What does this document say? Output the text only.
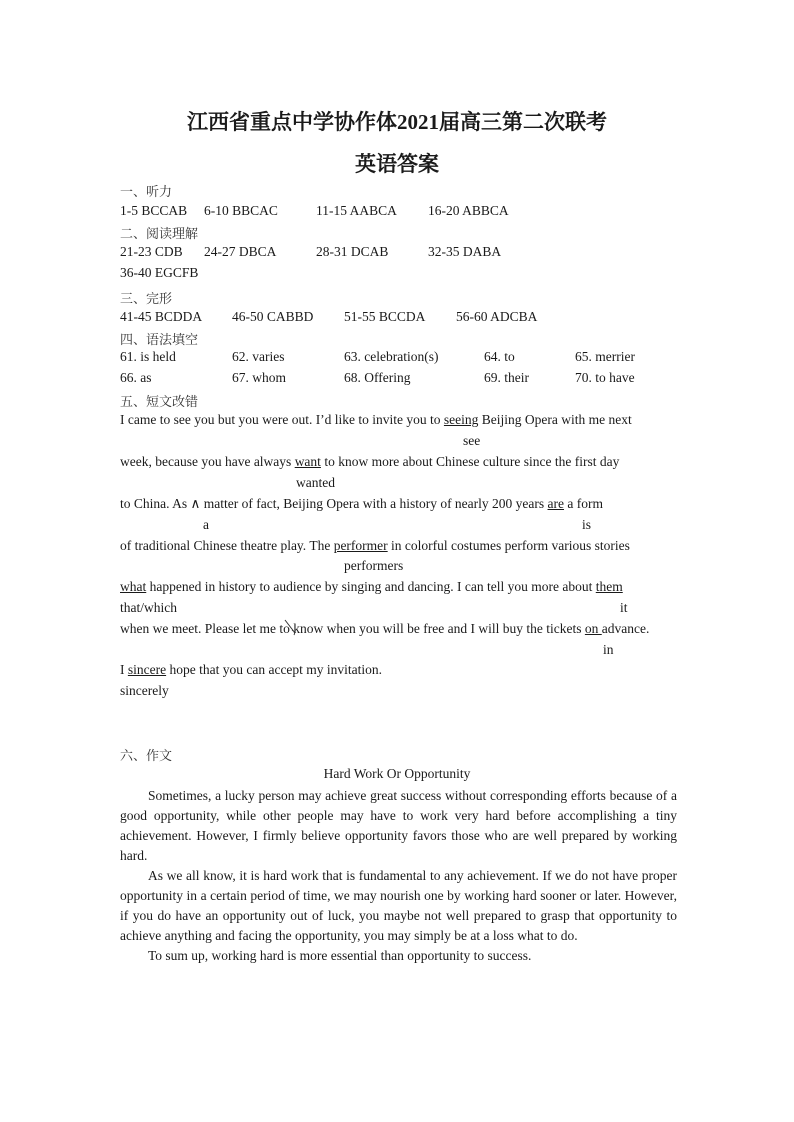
江西省重点中学协作体2021届高三第二次联考
英语答案
一、听力
1-5 BCCAB 6-10 BBCAC	11-15 AABCA 16-20 ABBCA
二、阅读理解
21-23 CDB 24-27 DBCA	28-31 DCAB	32-35 DABA
36-40 EGCFB
三、完形
41-45 BCDDA 46-50 CABBD 51-55 BCCDA 56-60 ADCBA
四、语法填空
61. is held	62. varies	63. celebration(s)	64. to	65. merrier
66. as	67. whom	68. Offering	69. their	70. to have
五、短文改错
I came to see you but you were out. I’d like to invite you to seeing Beijing Opera with me next
see
week, because you have always want to know more about Chinese culture since the first day
wanted
to China. As ∧ matter of fact, Beijing Opera with a history of nearly 200 years are a form
a	is
of traditional Chinese theatre play. The performer in colorful costumes perform various stories
performers
what happened in history to audience by singing and dancing. I can tell you more about them
that/which	it
when we meet. Please let me to know when you will be free and I will buy the tickets on advance.
in
I sincere hope that you can accept my invitation.
sincerely
六、作文
Hard Work Or Opportunity

Sometimes, a lucky person may achieve great success without corresponding efforts because of a good opportunity, while other people may have to work very hard before accomplishing a tiny achievement. However, I firmly believe opportunity favors those who are well prepared by working hard.

As we all know, it is hard work that is fundamental to any achievement. If we do not have proper opportunity in a certain period of time, we may nourish one by working hard sooner or later. However, if you do have an opportunity out of luck, you maybe not well prepared to grasp that opportunity to achieve anything and facing the opportunity, you may simply be at a loss what to do.

To sum up, working hard is more essential than opportunity to success.
